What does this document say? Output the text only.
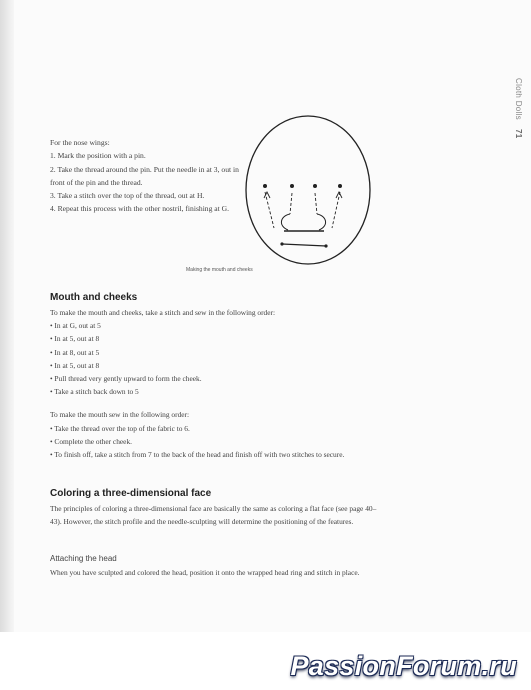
Cloth Dolls 71
Making the mouth and cheeks

For the nose wings:

1. Mark the position with a pin.

2. Take the thread around the pin. Put the needle in at 3, out in front of the pin and the thread.

3. Take a stitch over the top of the thread, out at H.

4. Repeat this process with the other nostril, finishing at G.

Mouth and cheeks

To make the mouth and cheeks, take a stitch and sew in the following order:

• In at G, out at 5

• In at 5, out at 8

• In at 8, out at 5

• In at 5, out at 8

• Pull thread very gently upward to form the cheek.

• Take a stitch back down to 5

To make the mouth sew in the following order:

• Take the thread over the top of the fabric to 6.

• Complete the other cheek.

• To finish off, take a stitch from 7 to the back of the head and finish off with two stitches to secure.

Coloring a three-dimensional face

The principles of coloring a three-dimensional face are basically the same as coloring a flat face (see page 40–43). However, the stitch profile and the needle-sculpting will determine the positioning of the features.

Attaching the head

When you have sculpted and colored the head, position it onto the wrapped head ring and stitch in place.

PassionForum.ru
